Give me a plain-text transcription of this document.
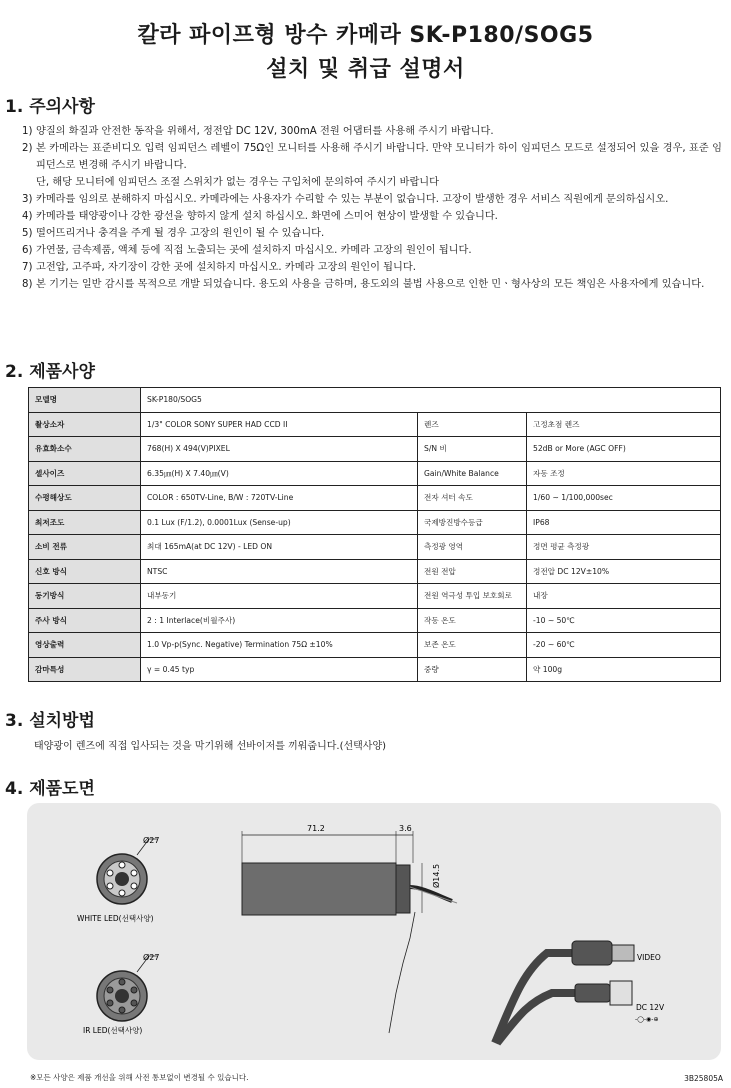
칼라 파이프형 방수 카메라 SK-P180/SOG5
설치 및 취급 설명서
1. 주의사항
1) 양질의 화질과 안전한 동작을 위해서, 정전압 DC 12V, 300mA 전원 어댑터를 사용해 주시기 바랍니다.
2) 본 카메라는 표준비디오 입력 임피던스 레벨이 75Ω인 모니터를 사용해 주시기 바랍니다. 만약 모니터가 하이 임피던스 모드로 설정되어 있을 경우, 표준 임피던스로 변경해 주시기 바랍니다.
단, 해당 모니터에 임피던스 조절 스위치가 없는 경우는 구입처에 문의하여 주시기 바랍니다
3) 카메라를 임의로 분해하지 마십시오. 카메라에는 사용자가 수리할 수 있는 부분이 없습니다. 고장이 발생한 경우 서비스 직원에게 문의하십시오.
4) 카메라를 태양광이나 강한 광선을 향하지 않게 설치 하십시오. 화면에 스미어 현상이 발생할 수 있습니다.
5) 떨어뜨리거나 충격을 주게 될 경우 고장의 원인이 될 수 있습니다.
6) 가연물, 금속제품, 액체 등에 직접 노출되는 곳에 설치하지 마십시오. 카메라 고장의 원인이 됩니다.
7) 고전압, 고주파, 자기장이 강한 곳에 설치하지 마십시오. 카메라 고장의 원인이 됩니다.
8) 본 기기는 일반 감시를 목적으로 개발 되었습니다. 용도외 사용을 금하며, 용도외의 불법 사용으로 인한 민ㆍ형사상의 모든 책임은 사용자에게 있습니다.
2. 제품사양
모델명	SK-P180/SOG5		
촬상소자	1/3" COLOR SONY SUPER HAD CCD II	렌즈	고정초점 렌즈
유효화소수	768(H) X 494(V)PIXEL	S/N 비	52dB or More (AGC OFF)
셀사이즈	6.35㎛(H) X 7.40㎛(V)	Gain/White Balance	자동 조정
수평해상도	COLOR : 650TV-Line, B/W : 720TV-Line	전자 셔터 속도	1/60 ~ 1/100,000sec
최저조도	0.1 Lux (F/1.2), 0.0001Lux (Sense-up)	국제방진방수등급	IP68
소비 전류	최대 165mA(at DC 12V) - LED ON	측정광 영역	정면 평균 측정광
신호 방식	NTSC	전원 전압	정전압 DC 12V±10%
동기방식	내부동기	전원 역극성 투입 보호회로	내장
주사 방식	2 : 1 Interlace(비월주사)	작동 온도	-10 ~ 50℃
영상출력	1.0 Vp-p(Sync. Negative) Termination 75Ω ±10%	보존 온도	-20 ~ 60℃
감마특성	γ = 0.45 typ	중량	약 100g
3. 설치방법
태양광이 렌즈에 직접 입사되는 것을 막기위해 선바이저를 끼워줍니다.(선택사양)
4. 제품도면
Ø27
WHITE LED(선택사양)
Ø27
IR LED(선택사양)
71.2	3.6
Ø14.5
VIDEO
DC 12V
-◯-◉-⊕
※모든 사양은 제품 개선을 위해 사전 통보없이 변경될 수 있습니다.	3B25805A
